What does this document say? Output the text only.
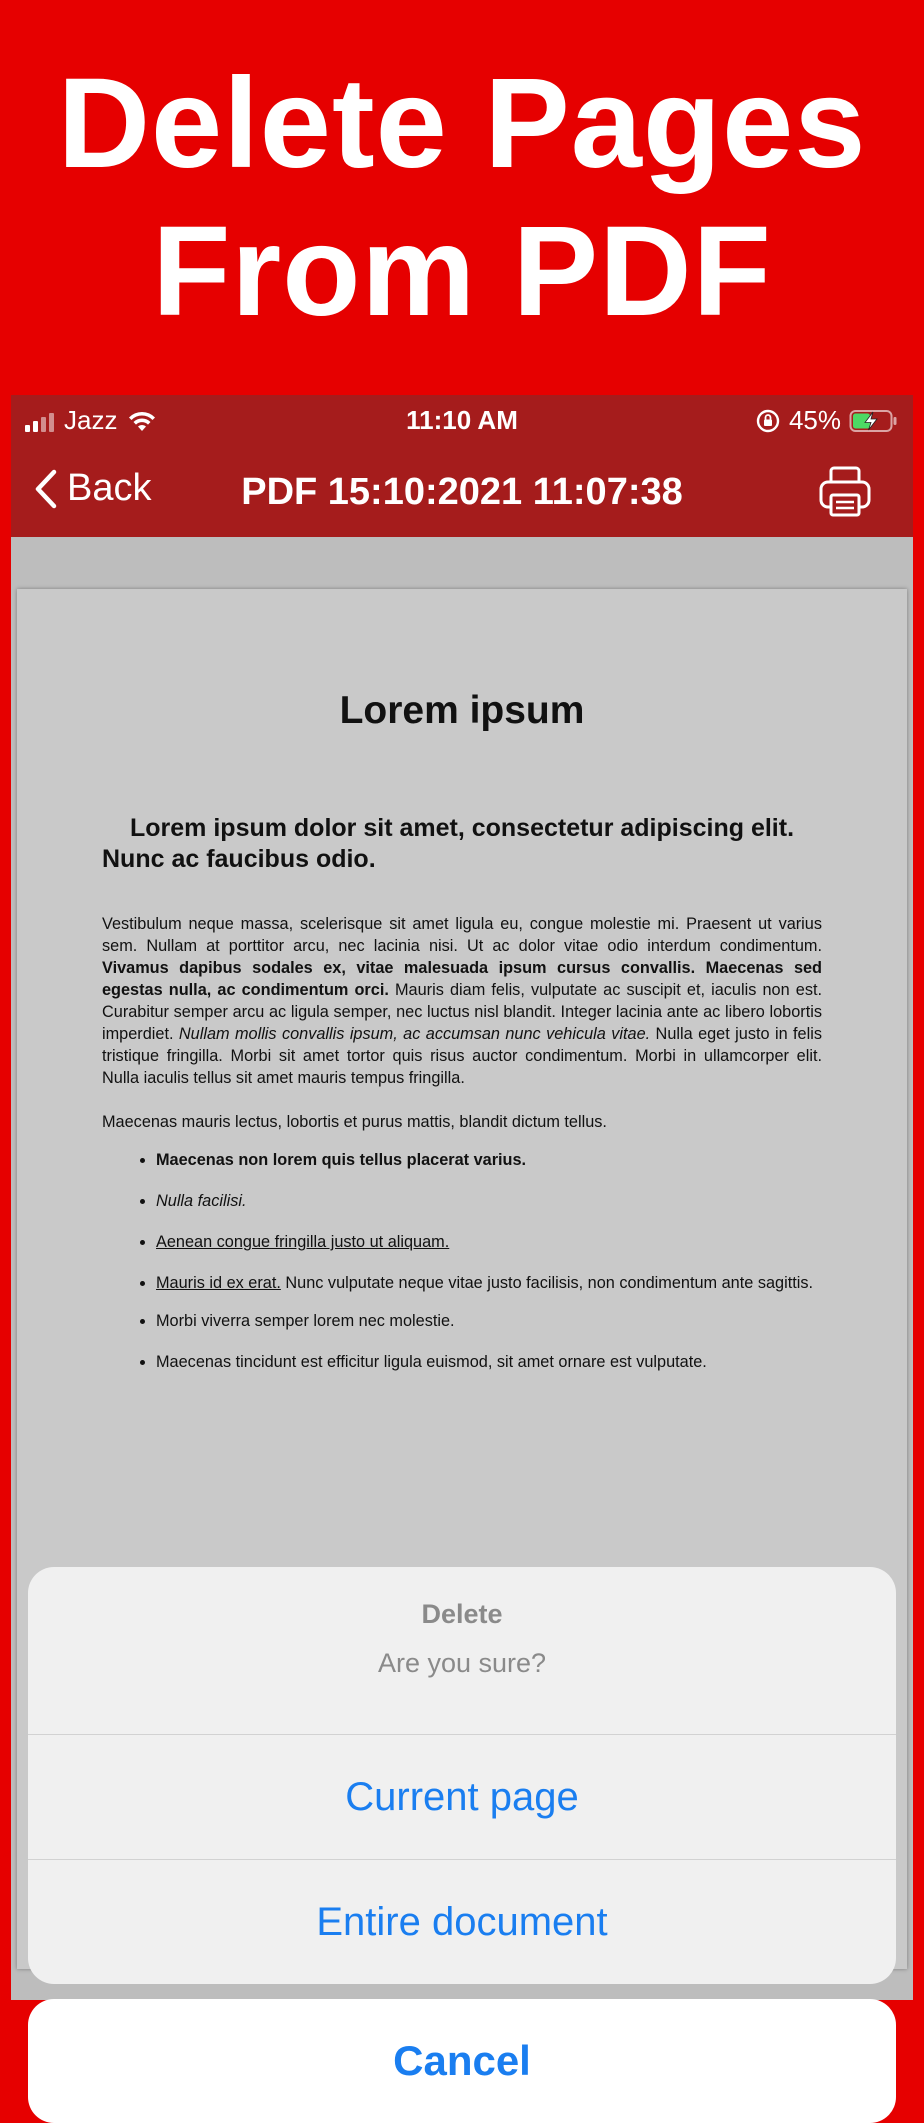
Delete Pages
From PDF
Jazz	11:10 AM	45%
Back	PDF 15:10:2021 11:07:38
Lorem ipsum
Lorem ipsum dolor sit amet, consectetur adipiscing elit. Nunc ac faucibus odio.

Vestibulum neque massa, scelerisque sit amet ligula eu, congue molestie mi. Praesent ut varius sem. Nullam at porttitor arcu, nec lacinia nisi. Ut ac dolor vitae odio interdum condimentum. Vivamus dapibus sodales ex, vitae malesuada ipsum cursus convallis. Maecenas sed egestas nulla, ac condimentum orci. Mauris diam felis, vulputate ac suscipit et, iaculis non est. Curabitur semper arcu ac ligula semper, nec luctus nisl blandit. Integer lacinia ante ac libero lobortis imperdiet. Nullam mollis convallis ipsum, ac accumsan nunc vehicula vitae. Nulla eget justo in felis tristique fringilla. Morbi sit amet tortor quis risus auctor condimentum. Morbi in ullamcorper elit. Nulla iaculis tellus sit amet mauris tempus fringilla.

Maecenas mauris lectus, lobortis et purus mattis, blandit dictum tellus.

• Maecenas non lorem quis tellus placerat varius.
• Nulla facilisi.
• Aenean congue fringilla justo ut aliquam.
• Mauris id ex erat. Nunc vulputate neque vitae justo facilisis, non condimentum ante sagittis.
• Morbi viverra semper lorem nec molestie.
• Maecenas tincidunt est efficitur ligula euismod, sit amet ornare est vulputate.
Delete
Are you sure?
Current page
Entire document
Cancel
